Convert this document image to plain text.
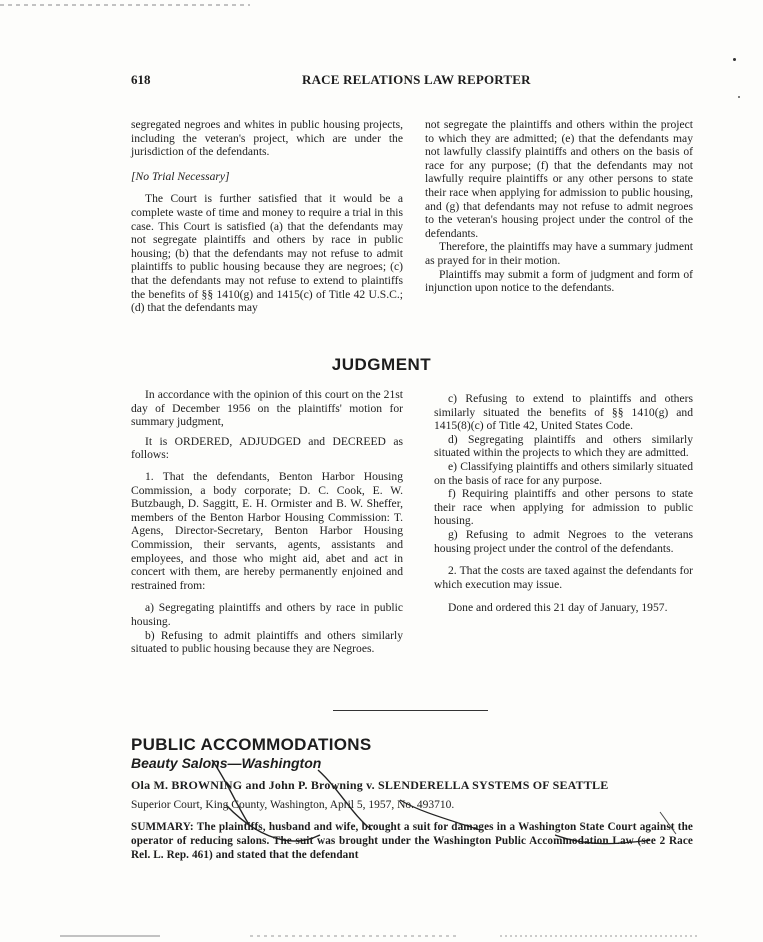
618	RACE RELATIONS LAW REPORTER

segregated negroes and whites in public housing projects, including the veteran's project, which are under the jurisdiction of the defendants.

[No Trial Necessary]

The Court is further satisfied that it would be a complete waste of time and money to require a trial in this case. This Court is satisfied (a) that the defendants may not segregate plaintiffs and others by race in public housing; (b) that the defendants may not refuse to admit plaintiffs to public housing because they are negroes; (c) that the defendants may not refuse to extend to plaintiffs the benefits of §§ 1410(g) and 1415(c) of Title 42 U.S.C.; (d) that the defendants may

not segregate the plaintiffs and others within the project to which they are admitted; (e) that the defendants may not lawfully classify plaintiffs and others on the basis of race for any purpose; (f) that the defendants may not lawfully require plaintiffs or any other persons to state their race when applying for admission to public housing, and (g) that defendants may not refuse to admit negroes to the veteran's housing project under the control of the defendants.

Therefore, the plaintiffs may have a summary judment as prayed for in their motion.

Plaintiffs may submit a form of judgment and form of injunction upon notice to the defendants.

JUDGMENT

In accordance with the opinion of this court on the 21st day of December 1956 on the plaintiffs' motion for summary judgment,

It is ORDERED, ADJUDGED and DECREED as follows:

1. That the defendants, Benton Harbor Housing Commission, a body corporate; D. C. Cook, E. W. Butzbaugh, D. Saggitt, E. H. Ormister and B. W. Sheffer, members of the Benton Harbor Housing Commission: T. Agens, Director-Secretary, Benton Harbor Housing Commission, their servants, agents, assistants and employees, and those who might aid, abet and act in concert with them, are hereby permanently enjoined and restrained from:

a) Segregating plaintiffs and others by race in public housing.

b) Refusing to admit plaintiffs and others similarly situated to public housing because they are Negroes.

c) Refusing to extend to plaintiffs and others similarly situated the benefits of §§ 1410(g) and 1415(8)(c) of Title 42, United States Code.

d) Segregating plaintiffs and others similarly situated within the projects to which they are admitted.

e) Classifying plaintiffs and others similarly situated on the basis of race for any purpose.

f) Requiring plaintiffs and other persons to state their race when applying for admission to public housing.

g) Refusing to admit Negroes to the veterans housing project under the control of the defendants.

2. That the costs are taxed against the defendants for which execution may issue.

Done and ordered this 21 day of January, 1957.

PUBLIC ACCOMMODATIONS
Beauty Salons—Washington
Ola M. BROWNING and John P. Browning v. SLENDERELLA SYSTEMS OF SEATTLE
Superior Court, King County, Washington, April 5, 1957, No. 493710.
SUMMARY: The plaintiffs, husband and wife, brought a suit for damages in a Washington State Court against the operator of reducing salons. The suit was brought under the Washington Public Accommodation Law (see 2 Race Rel. L. Rep. 461) and stated that the defendant
